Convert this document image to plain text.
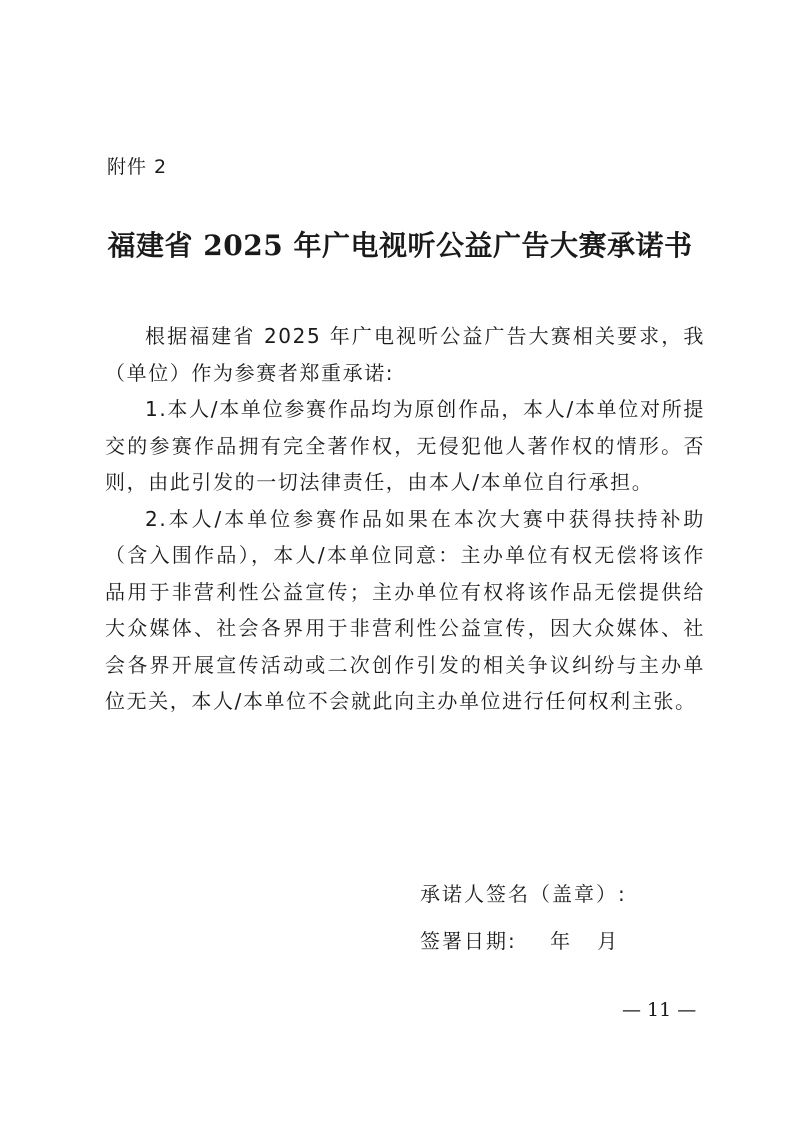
附件 2
福建省 2025 年广电视听公益广告大赛承诺书

根据福建省 2025 年广电视听公益广告大赛相关要求，我（单位）作为参赛者郑重承诺:

1.本人/本单位参赛作品均为原创作品，本人/本单位对所提交的参赛作品拥有完全著作权，无侵犯他人著作权的情形。否则，由此引发的一切法律责任，由本人/本单位自行承担。

2.本人/本单位参赛作品如果在本次大赛中获得扶持补助（含入围作品），本人/本单位同意：主办单位有权无偿将该作品用于非营利性公益宣传；主办单位有权将该作品无偿提供给大众媒体、社会各界用于非营利性公益宣传，因大众媒体、社会各界开展宣传活动或二次创作引发的相关争议纠纷与主办单位无关，本人/本单位不会就此向主办单位进行任何权利主张。

承诺人签名（盖章）:
签署日期:    年   月
— 11 —
